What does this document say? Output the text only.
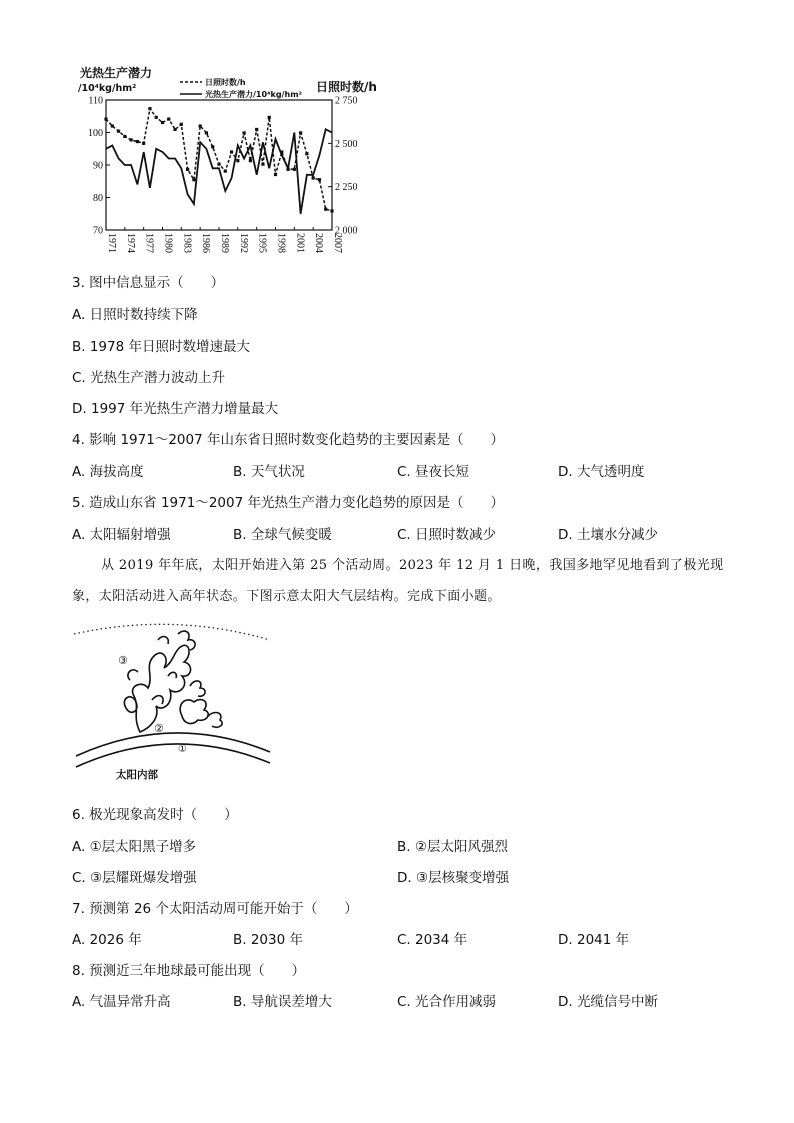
光热生产潜力
/10⁴kg/hm²	日照时数/h
日照时数/h
光热生产潜力/10⁴kg/hm²
110
100
90
80
70
2 750
2 500
2 250
2 000
1971 1974 1977 1980 1983 1986 1989 1992 1995 1998 2001 2004 2007
3. 图中信息显示（　　）
A. 日照时数持续下降
B. 1978 年日照时数增速最大
C. 光热生产潜力波动上升
D. 1997 年光热生产潜力增量最大
4. 影响 1971～2007 年山东省日照时数变化趋势的主要因素是（　　）
A. 海拔高度	B. 天气状况	C. 昼夜长短	D. 大气透明度
5. 造成山东省 1971～2007 年光热生产潜力变化趋势的原因是（　　）
A. 太阳辐射增强	B. 全球气候变暖	C. 日照时数减少	D. 土壤水分减少
从 2019 年年底，太阳开始进入第 25 个活动周。2023 年 12 月 1 日晚，我国多地罕见地看到了极光现
象，太阳活动进入高年状态。下图示意太阳大气层结构。完成下面小题。
③
②
①
太阳内部
6. 极光现象高发时（　　）
A. ①层太阳黑子增多	B. ②层太阳风强烈
C. ③层耀斑爆发增强	D. ③层核聚变增强
7. 预测第 26 个太阳活动周可能开始于（　　）
A. 2026 年	B. 2030 年	C. 2034 年	D. 2041 年
8. 预测近三年地球最可能出现（　　）
A. 气温异常升高	B. 导航误差增大	C. 光合作用减弱	D. 光缆信号中断
